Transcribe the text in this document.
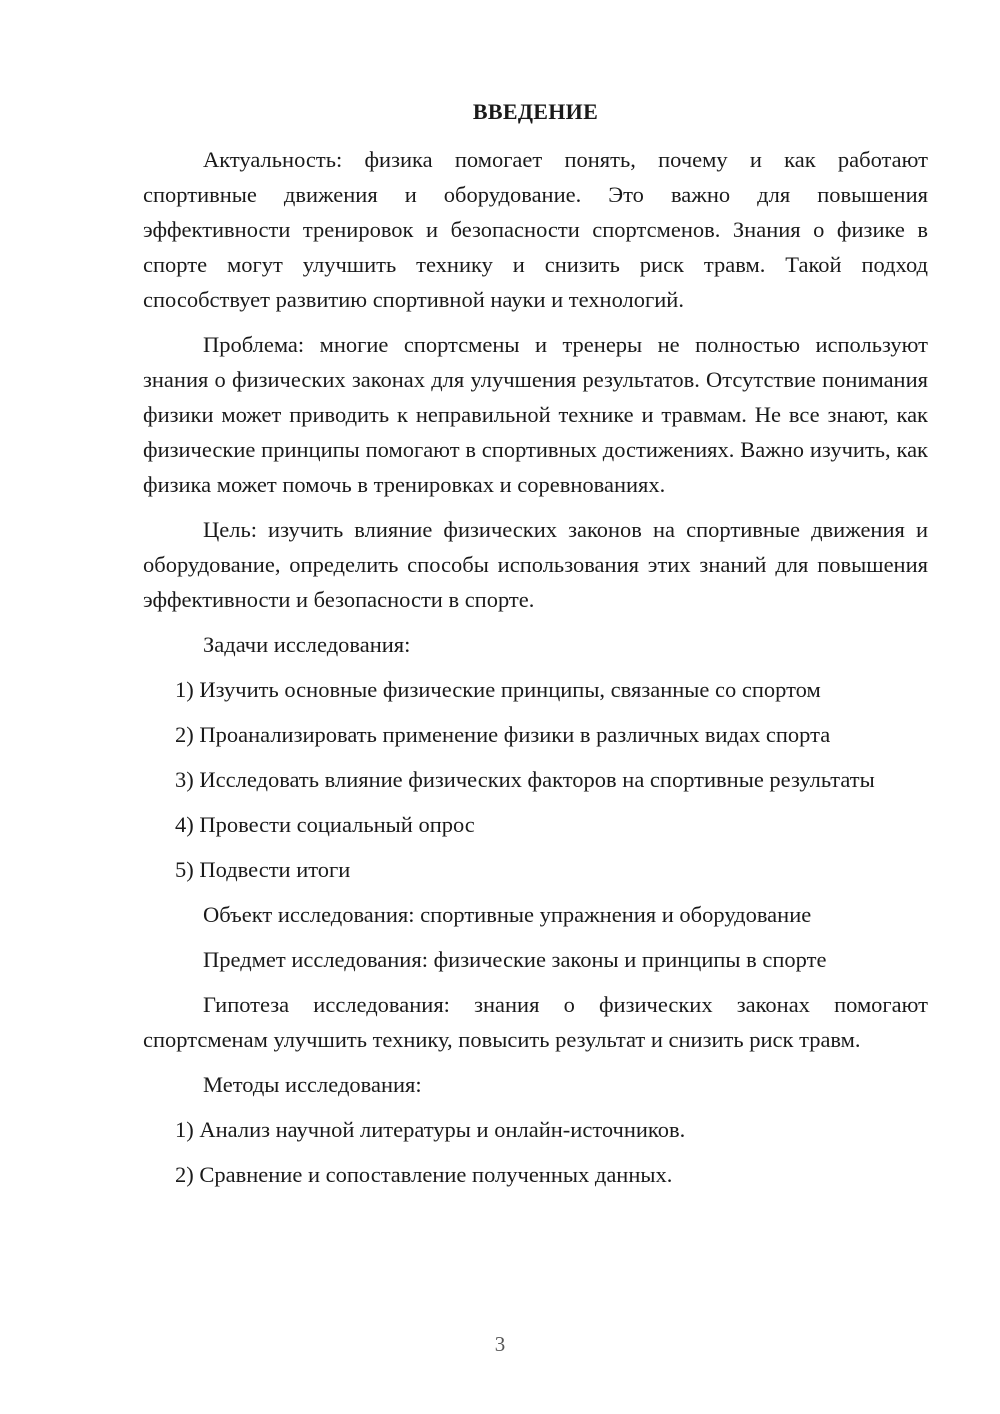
ВВЕДЕНИЕ

Актуальность: физика помогает понять, почему и как работают спортивные движения и оборудование. Это важно для повышения эффективности тренировок и безопасности спортсменов. Знания о физике в спорте могут улучшить технику и снизить риск травм. Такой подход способствует развитию спортивной науки и технологий.

Проблема: многие спортсмены и тренеры не полностью используют знания о физических законах для улучшения результатов. Отсутствие понимания физики может приводить к неправильной технике и травмам. Не все знают, как физические принципы помогают в спортивных достижениях. Важно изучить, как физика может помочь в тренировках и соревнованиях.

Цель: изучить влияние физических законов на спортивные движения и оборудование, определить способы использования этих знаний для повышения эффективности и безопасности в спорте.

Задачи исследования:

1) Изучить основные физические принципы, связанные со спортом

2) Проанализировать применение физики в различных видах спорта

3) Исследовать влияние физических факторов на спортивные результаты

4) Провести социальный опрос

5) Подвести итоги

Объект исследования: спортивные упражнения и оборудование

Предмет исследования: физические законы и принципы в спорте

Гипотеза исследования: знания о физических законах помогают спортсменам улучшить технику, повысить результат и снизить риск травм.

Методы исследования:

1) Анализ научной литературы и онлайн-источников.

2) Сравнение и сопоставление полученных данных.

3
